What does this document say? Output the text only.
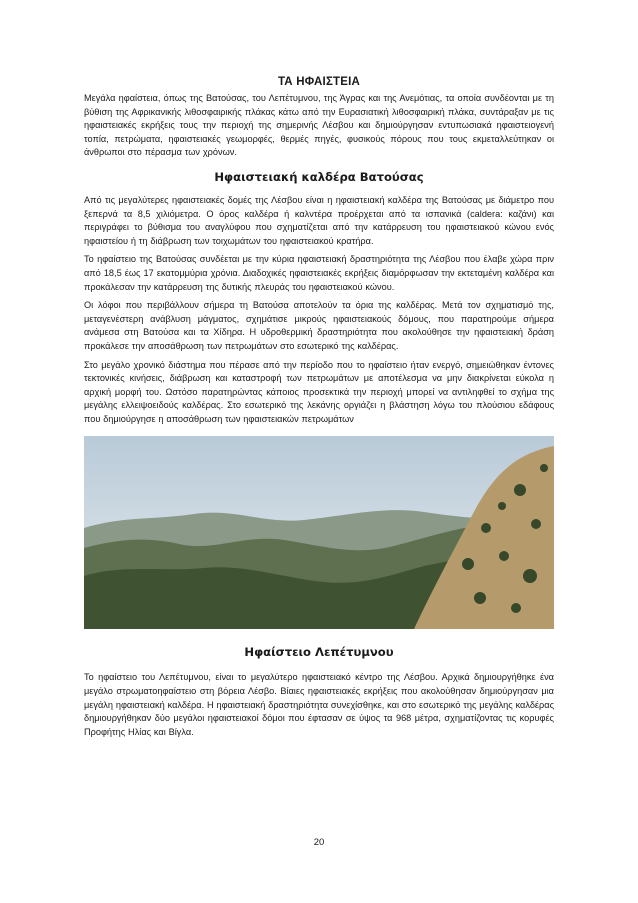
ΤΑ ΗΦΑΙΣΤΕΙΑ

Μεγάλα ηφαίστεια, όπως της Βατούσας, του Λεπέτυμνου, της Άγρας και της Ανεμότιας, τα οποία συνδέονται με τη βύθιση της Αφρικανικής λιθοσφαιρικής πλάκας κάτω από την Ευρασιατική λιθοσφαιρική πλάκα, συντάραξαν με τις ηφαιστειακές εκρήξεις τους την περιοχή της σημερινής Λέσβου και δημιούργησαν εντυπωσιακά ηφαιστειογενή τοπία, πετρώματα, ηφαιστειακές γεωμορφές, θερμές πηγές, φυσικούς πόρους που τους εκμεταλλεύτηκαν οι άνθρωποι στο πέρασμα των χρόνων.

Ηφαιστειακή καλδέρα Βατούσας

Από τις μεγαλύτερες ηφαιστειακές δομές της Λέσβου είναι η ηφαιστειακή καλδέρα της Βατούσας με διάμετρο που ξεπερνά τα 8,5 χιλιόμετρα. Ο όρος καλδέρα ή καλντέρα προέρχεται από τα ισπανικά (caldera: καζάνι) και περιγράφει το βύθισμα του αναγλύφου που σχηματίζεται από την κατάρρευση του ηφαιστειακού κώνου ενός ηφαιστείου ή τη διάβρωση των τοιχωμάτων του ηφαιστειακού κρατήρα.

Το ηφαίστειο της Βατούσας συνδέεται με την κύρια ηφαιστειακή δραστηριότητα της Λέσβου που έλαβε χώρα πριν από 18,5 έως 17 εκατομμύρια χρόνια. Διαδοχικές ηφαιστειακές εκρήξεις διαμόρφωσαν την εκτεταμένη καλδέρα και προκάλεσαν την κατάρρευση της δυτικής πλευράς του ηφαιστειακού κώνου.

Οι λόφοι που περιβάλλουν σήμερα τη Βατούσα αποτελούν τα όρια της καλδέρας. Μετά τον σχηματισμό της, μεταγενέστερη ανάβλυση μάγματος, σχημάτισε μικρούς ηφαιστειακούς δόμους, που παρατηρούμε σήμερα ανάμεσα στη Βατούσα και τα Χίδηρα. Η υδροθερμική δραστηριότητα που ακολούθησε την ηφαιστειακή δράση προκάλεσε την αποσάθρωση των πετρωμάτων στο εσωτερικό της καλδέρας.

Στο μεγάλο χρονικό διάστημα που πέρασε από την περίοδο που το ηφαίστειο ήταν ενεργό, σημειώθηκαν έντονες τεκτονικές κινήσεις, διάβρωση και καταστροφή των πετρωμάτων με αποτέλεσμα να μην διακρίνεται εύκολα η αρχική μορφή του. Ωστόσο παρατηρώντας κάποιος προσεκτικά την περιοχή μπορεί να αντιληφθεί το σχήμα της μεγάλης ελλειψοειδούς καλδέρας. Στο εσωτερικό της λεκάνης οργιάζει η βλάστηση λόγω του πλούσιου εδάφους που δημιούργησε η αποσάθρωση των ηφαιστειακών πετρωμάτων

Ηφαίστειο Λεπέτυμνου

Το ηφαίστειο του Λεπέτυμνου, είναι το μεγαλύτερο ηφαιστειακό κέντρο της Λέσβου. Αρχικά δημιουργήθηκε ένα μεγάλο στρωματοηφαίστειο στη βόρεια Λέσβο. Βίαιες ηφαιστειακές εκρήξεις που ακολούθησαν δημιούργησαν μια μεγάλη ηφαιστειακή καλδέρα. Η ηφαιστειακή δραστηριότητα συνεχίσθηκε, και στο εσωτερικό της μεγάλης καλδέρας δημιουργήθηκαν δύο μεγάλοι ηφαιστειακοί δόμοι που έφτασαν σε ύψος τα 968 μέτρα, σχηματίζοντας τις κορυφές Προφήτης Ηλίας και Βίγλα.

20
